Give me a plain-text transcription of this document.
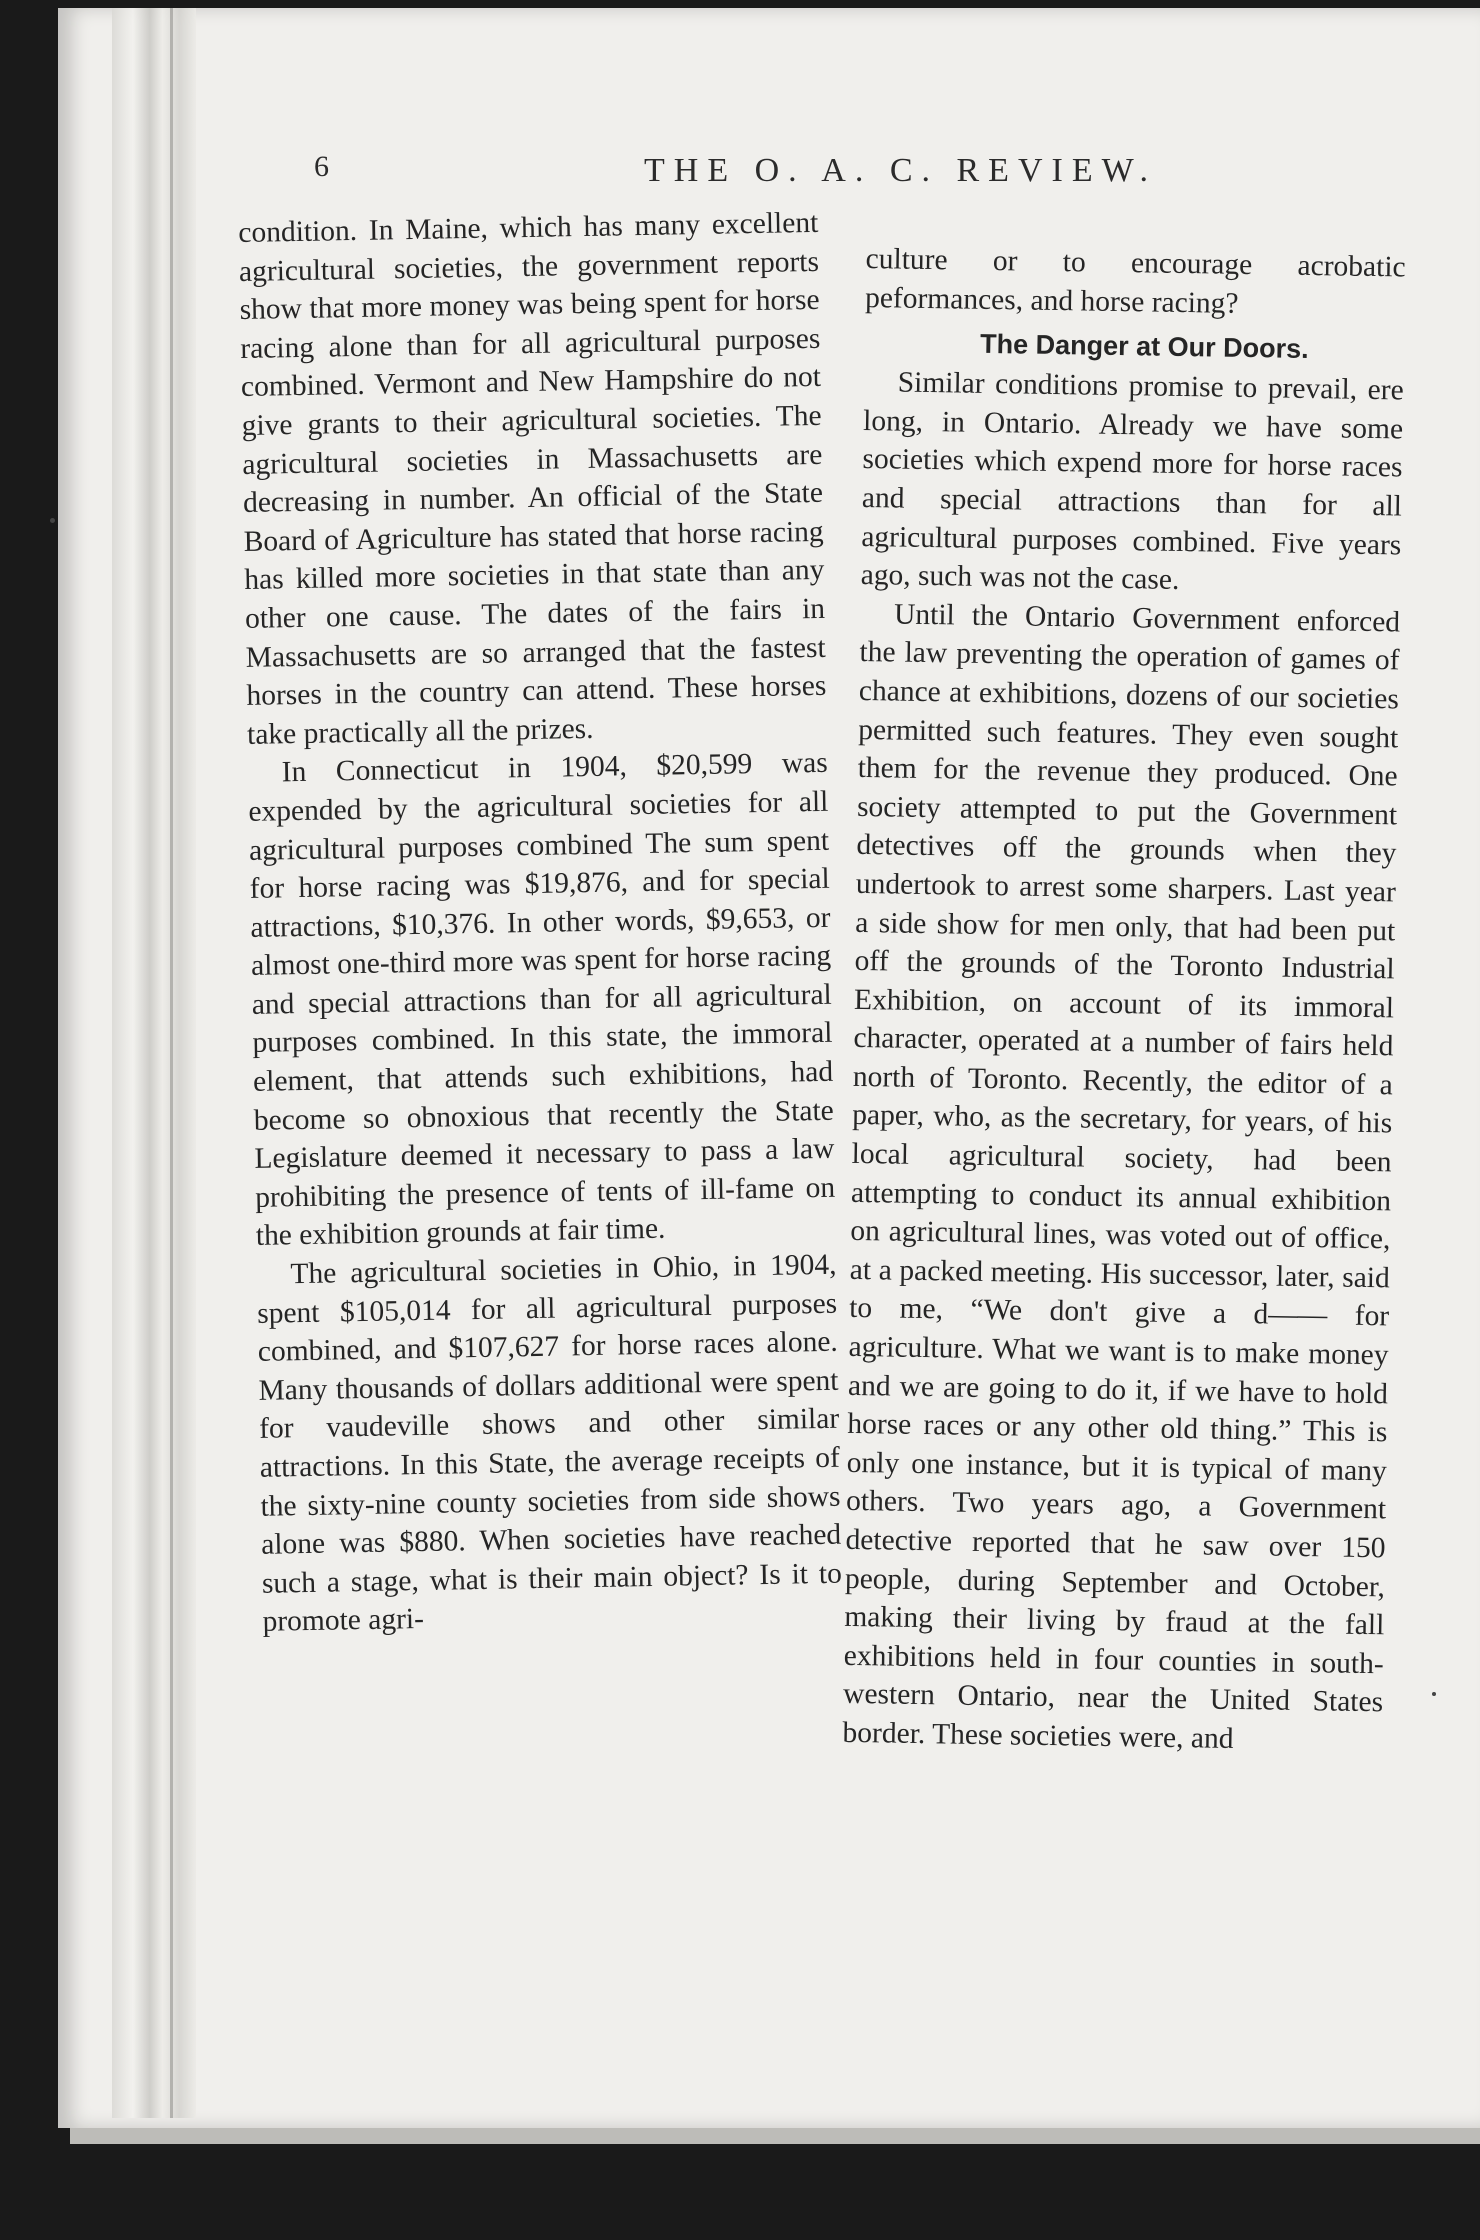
6	THE O. A. C. REVIEW.

condition. In Maine, which has many excellent agricultural societies, the government reports show that more money was being spent for horse racing alone than for all agricultural purposes combined. Vermont and New Hampshire do not give grants to their agricultural societies. The agricultural societies in Massachusetts are decreasing in number. An official of the State Board of Agriculture has stated that horse racing has killed more societies in that state than any other one cause. The dates of the fairs in Massachusetts are so arranged that the fastest horses in the country can attend. These horses take practically all the prizes.

In Connecticut in 1904, $20,599 was expended by the agricultural societies for all agricultural purposes combined The sum spent for horse racing was $19,876, and for special attractions, $10,376. In other words, $9,653, or almost one-third more was spent for horse racing and special attractions than for all agricultural purposes combined. In this state, the immoral element, that attends such exhibitions, had become so obnoxious that recently the State Legislature deemed it necessary to pass a law prohibiting the presence of tents of ill-fame on the exhibition grounds at fair time.

The agricultural societies in Ohio, in 1904, spent $105,014 for all agricultural purposes combined, and $107,627 for horse races alone. Many thousands of dollars additional were spent for vaudeville shows and other similar attractions. In this State, the average receipts of the sixty-nine county societies from side shows alone was $880. When societies have reached such a stage, what is their main object? Is it to promote agri-

culture or to encourage acrobatic peformances, and horse racing?

The Danger at Our Doors.

Similar conditions promise to prevail, ere long, in Ontario. Already we have some societies which expend more for horse races and special attractions than for all agricultural purposes combined. Five years ago, such was not the case.

Until the Ontario Government enforced the law preventing the operation of games of chance at exhibitions, dozens of our societies permitted such features. They even sought them for the revenue they produced. One society attempted to put the Government detectives off the grounds when they undertook to arrest some sharpers. Last year a side show for men only, that had been put off the grounds of the Toronto Industrial Exhibition, on account of its immoral character, operated at a number of fairs held north of Toronto. Recently, the editor of a paper, who, as the secretary, for years, of his local agricultural society, had been attempting to conduct its annual exhibition on agricultural lines, was voted out of office, at a packed meeting. His successor, later, said to me, “We don't give a d—— for agriculture. What we want is to make money and we are going to do it, if we have to hold horse races or any other old thing.” This is only one instance, but it is typical of many others. Two years ago, a Government detective reported that he saw over 150 people, during September and October, making their living by fraud at the fall exhibitions held in four counties in south-western Ontario, near the United States border. These societies were, and
